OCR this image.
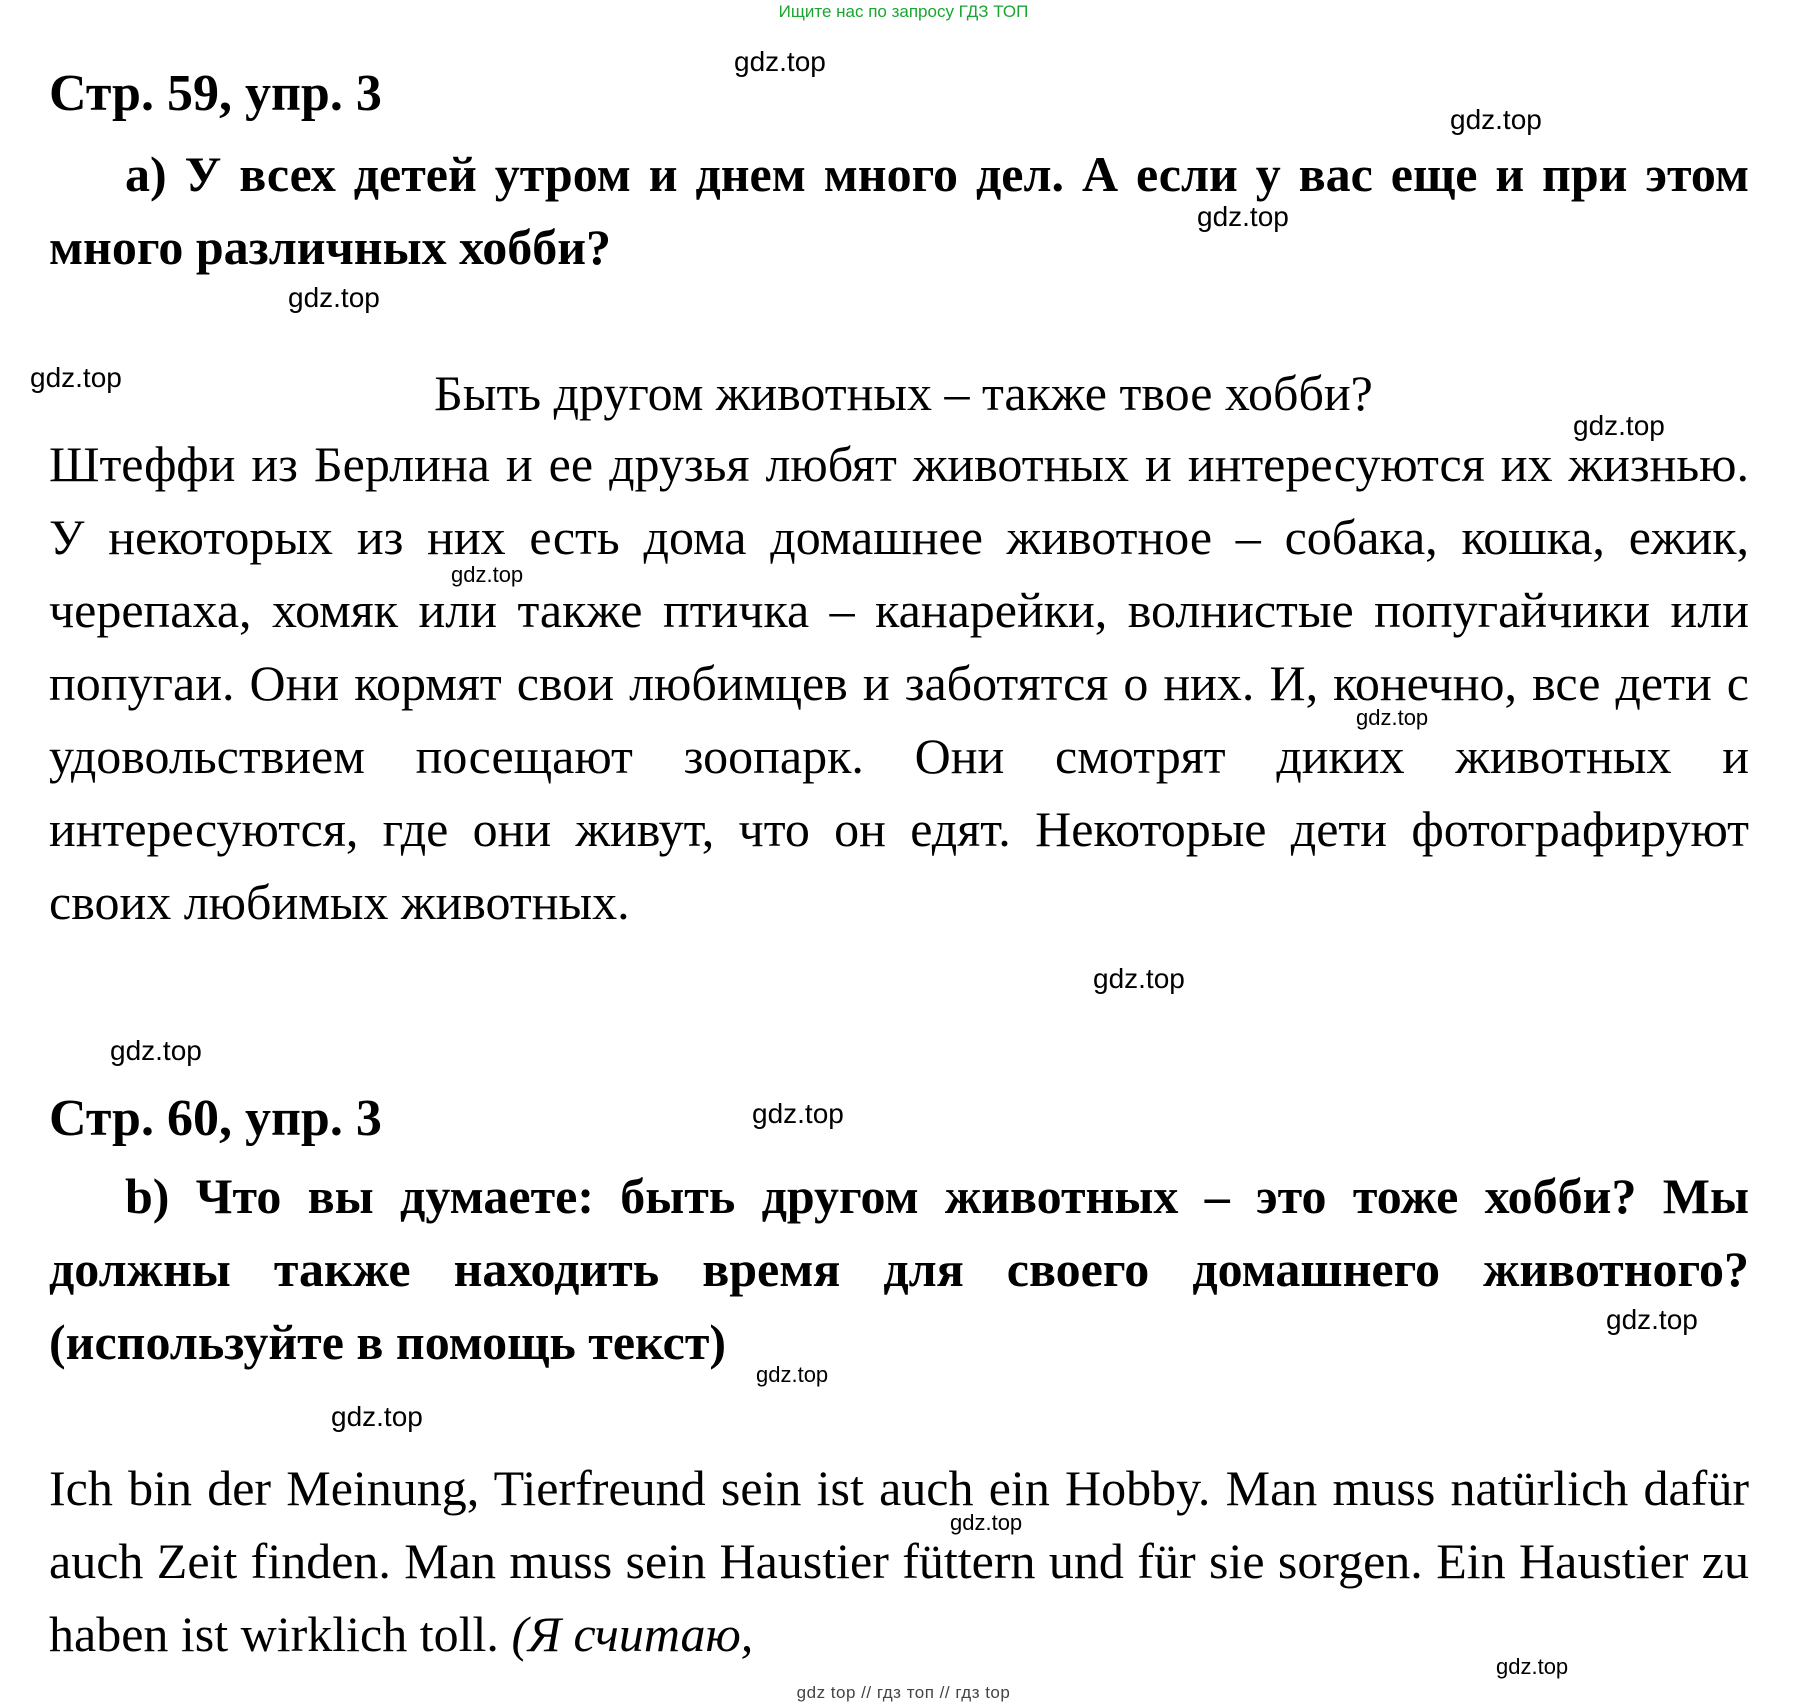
Ищите нас по запросу ГДЗ ТОП
Стр. 59, упр. 3
a) У всех детей утром и днем много дел. А если у вас еще и при этом много различных хобби?
Быть другом животных – также твое хобби?
Штеффи из Берлина и ее друзья любят животных и интересуются их жизнью. У некоторых из них есть дома домашнее животное – собака, кошка, ежик, черепаха, хомяк или также птичка – канарейки, волнистые попугайчики или попугаи. Они кормят свои любимцев и заботятся о них. И, конечно, все дети с удовольствием посещают зоопарк. Они смотрят диких животных и интересуются, где они живут, что он едят. Некоторые дети фотографируют своих любимых животных.
Стр. 60, упр. 3
b) Что вы думаете: быть другом животных – это тоже хобби? Мы должны также находить время для своего домашнего животного? (используйте в помощь текст)
Ich bin der Meinung, Tierfreund sein ist auch ein Hobby. Man muss natürlich dafür auch Zeit finden. Man muss sein Haustier füttern und für sie sorgen. Ein Haustier zu haben ist wirklich toll. (Я считаю,
gdz.top
gdz.top
gdz.top
gdz.top
gdz.top
gdz.top
gdz.top
gdz.top
gdz.top
gdz.top
gdz.top
gdz.top
gdz.top
gdz.top
gdz.top
gdz.top
gdz top // гдз топ // гдз top
